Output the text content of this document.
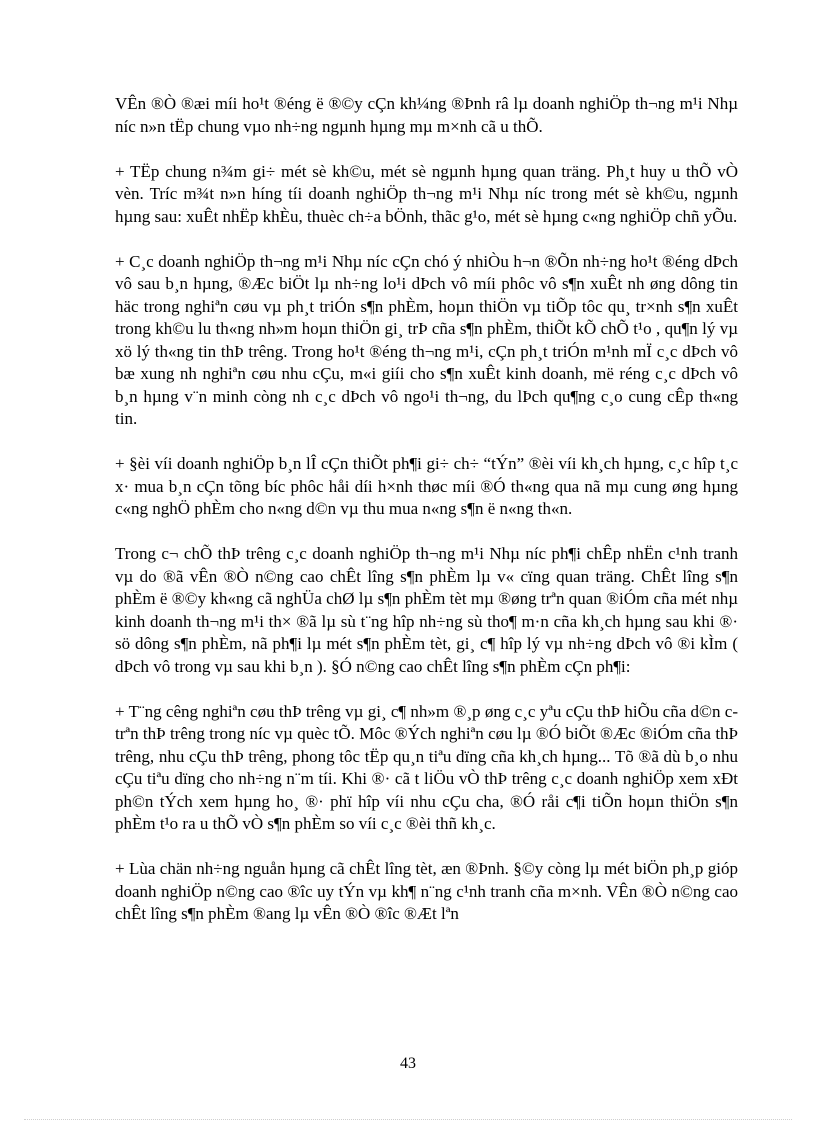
VÊn ®Ò ®æi míi ho¹t ®éng ë ®©y cÇn kh¼ng ®Þnh râ lµ doanh nghiÖp th¬ng m¹i Nhµ níc n»n tËp chung vµo nh÷ng ngµnh hµng mµ m×nh cã u thÕ.

+ TËp chung n¾m gi÷ mét sè kh©u, mét sè ngµnh hµng quan träng. Ph¸t huy u thÕ vÒ vèn. Tríc m¾t n»n híng tíi doanh nghiÖp th¬ng m¹i Nhµ níc trong mét sè kh©u, ngµnh hµng sau: xuÊt nhËp khÈu, thuèc ch÷a bÖnh, thãc g¹o, mét sè hµng c«ng nghiÖp chñ yÕu.

+ C¸c doanh nghiÖp th¬ng m¹i Nhµ níc cÇn chó ý nhiÒu h¬n ®Õn nh÷ng ho¹t ®éng dÞch vô sau b¸n hµng, ®Æc biÖt lµ nh÷ng lo¹i dÞch vô míi phôc vô s¶n xuÊt nh øng dông tin häc trong nghiªn cøu vµ ph¸t triÓn s¶n phÈm, hoµn thiÖn vµ tiÕp tôc qu¸ tr×nh s¶n xuÊt trong kh©u lu th«ng nh»m hoµn thiÖn gi¸ trÞ cña s¶n phÈm, thiÕt kÕ chÕ t¹o , qu¶n lý vµ xö lý th«ng tin thÞ trêng. Trong ho¹t ®éng th¬ng m¹i, cÇn ph¸t triÓn m¹nh mÏ c¸c dÞch vô bæ xung nh nghiªn cøu nhu cÇu, m«i giíi cho s¶n xuÊt kinh doanh, më réng c¸c dÞch vô b¸n hµng v¨n minh còng nh c¸c dÞch vô ngo¹i th¬ng, du lÞch qu¶ng c¸o cung cÊp th«ng tin.

+ §èi víi doanh nghiÖp b¸n lÎ cÇn thiÕt ph¶i gi÷ ch÷ “tÝn” ®èi víi kh¸ch hµng, c¸c hîp t¸c x· mua b¸n cÇn tõng bíc phôc håi díi h×nh thøc míi ®Ó th«ng qua nã mµ cung øng hµng c«ng nghÖ phÈm cho n«ng d©n vµ thu mua n«ng s¶n ë n«ng th«n.

Trong c¬ chÕ thÞ trêng c¸c doanh nghiÖp th¬ng m¹i Nhµ níc ph¶i chÊp nhËn c¹nh tranh vµ do ®ã vÊn ®Ò n©ng cao chÊt lîng s¶n phÈm lµ v« cïng quan träng. ChÊt lîng s¶n phÈm ë ®©y kh«ng cã nghÜa chØ lµ s¶n phÈm tèt mµ ®øng trªn quan ®iÓm cña mét nhµ kinh doanh th¬ng m¹i th× ®ã lµ sù t¨ng hîp nh÷ng sù tho¶ m·n cña kh¸ch hµng sau khi ®· sö dông s¶n phÈm, nã ph¶i lµ mét s¶n phÈm tèt, gi¸ c¶ hîp lý vµ nh÷ng dÞch vô ®i kÌm ( dÞch vô trong vµ sau khi b¸n ). §Ó n©ng cao chÊt lîng s¶n phÈm cÇn ph¶i:

+ T¨ng cêng nghiªn cøu thÞ trêng vµ gi¸ c¶ nh»m ®¸p øng c¸c yªu cÇu thÞ hiÕu cña d©n c trªn thÞ trêng trong níc vµ quèc tÕ. Môc ®Ých nghiªn cøu lµ ®Ó biÕt ®Æc ®iÓm cña thÞ trêng, nhu cÇu thÞ trêng, phong tôc tËp qu¸n tiªu dïng cña kh¸ch hµng... Tõ ®ã dù b¸o nhu cÇu tiªu dïng cho nh÷ng n¨m tíi. Khi ®· cã t liÖu vÒ thÞ trêng c¸c doanh nghiÖp xem xÐt ph©n tÝch xem hµng ho¸ ®· phï hîp víi nhu cÇu cha, ®Ó råi c¶i tiÕn hoµn thiÖn s¶n phÈm t¹o ra u thÕ vÒ s¶n phÈm so víi c¸c ®èi thñ kh¸c.

+ Lùa chän nh÷ng nguån hµng cã chÊt lîng tèt, æn ®Þnh. §©y còng lµ mét biÖn ph¸p gióp doanh nghiÖp n©ng cao ®îc uy tÝn vµ kh¶ n¨ng c¹nh tranh cña m×nh. VÊn ®Ò n©ng cao chÊt lîng s¶n phÈm ®ang lµ vÊn ®Ò ®îc ®Æt lªn

43
